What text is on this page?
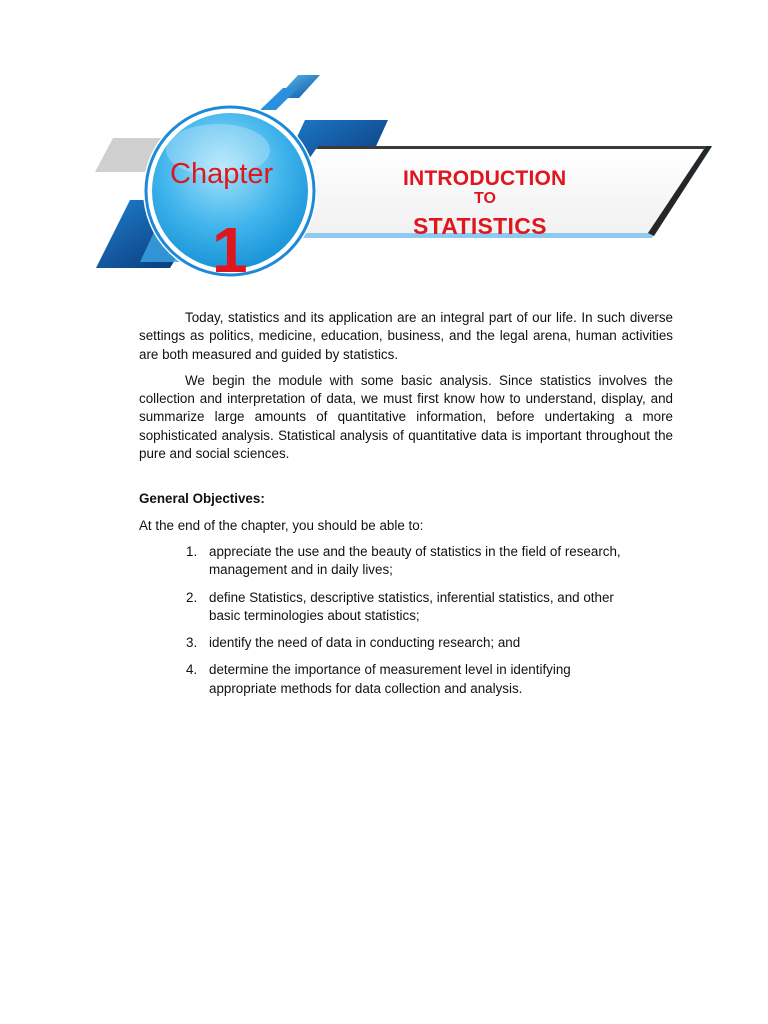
Chapter
1
INTRODUCTION
TO
STATISTICS

Today, statistics and its application are an integral part of our life. In such diverse settings as politics, medicine, education, business, and the legal arena, human activities are both measured and guided by statistics.

We begin the module with some basic analysis. Since statistics involves the collection and interpretation of data, we must first know how to understand, display, and summarize large amounts of quantitative information, before undertaking a more sophisticated analysis. Statistical analysis of quantitative data is important throughout the pure and social sciences.

General Objectives:
At the end of the chapter, you should be able to:
1. appreciate the use and the beauty of statistics in the field of research, management and in daily lives;
2. define Statistics, descriptive statistics, inferential statistics, and other basic terminologies about statistics;
3. identify the need of data in conducting research; and
4. determine the importance of measurement level in identifying appropriate methods for data collection and analysis.
